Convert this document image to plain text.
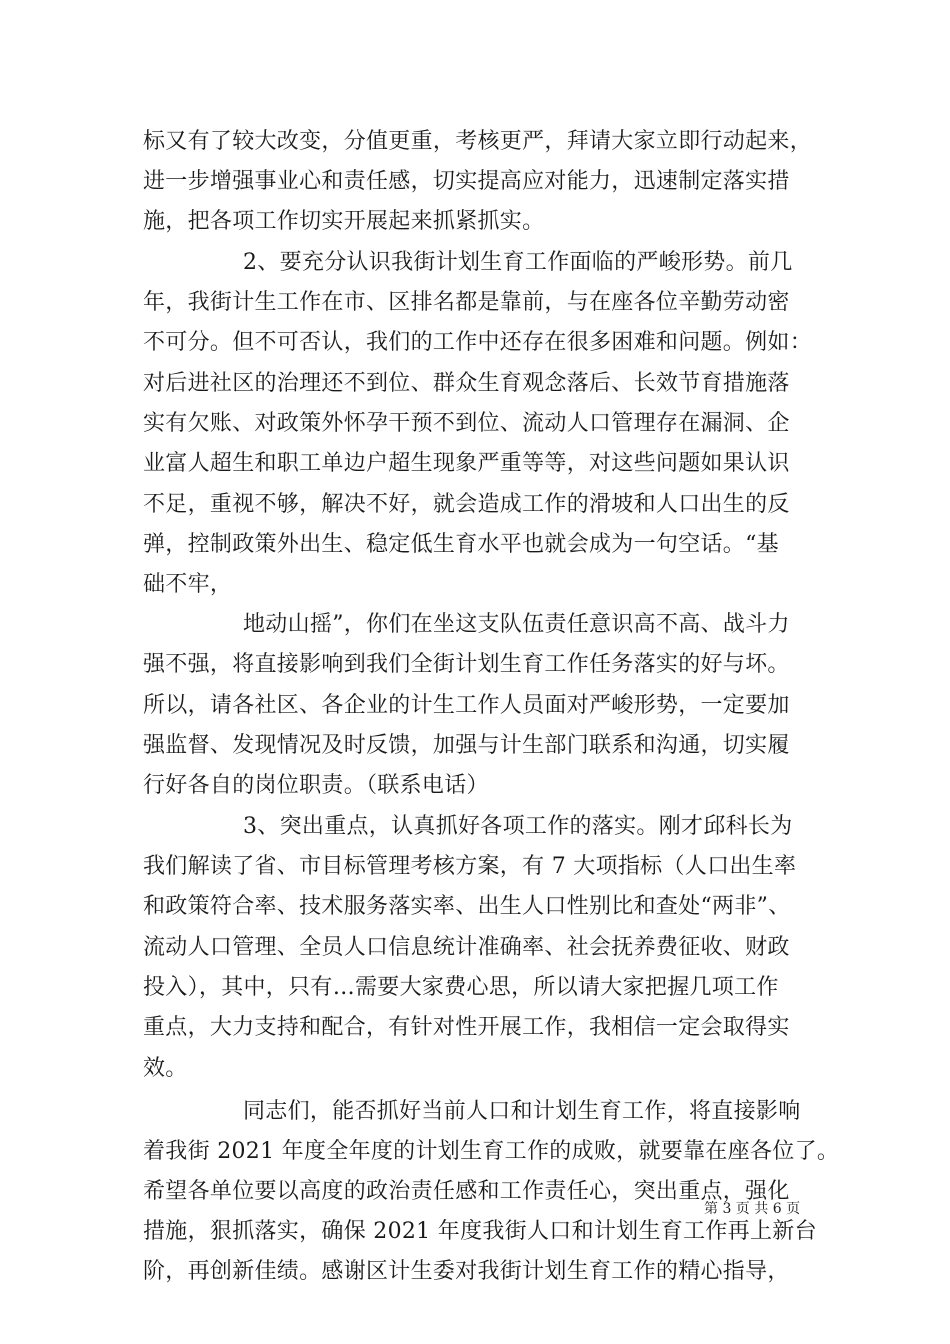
标又有了较大改变，分值更重，考核更严，拜请大家立即行动起来，
进一步增强事业心和责任感，切实提高应对能力，迅速制定落实措
施，把各项工作切实开展起来抓紧抓实。
2、要充分认识我街计划生育工作面临的严峻形势。前几
年，我街计生工作在市、区排名都是靠前，与在座各位辛勤劳动密
不可分。但不可否认，我们的工作中还存在很多困难和问题。例如：
对后进社区的治理还不到位、群众生育观念落后、长效节育措施落
实有欠账、对政策外怀孕干预不到位、流动人口管理存在漏洞、企
业富人超生和职工单边户超生现象严重等等，对这些问题如果认识
不足，重视不够，解决不好，就会造成工作的滑坡和人口出生的反
弹，控制政策外出生、稳定低生育水平也就会成为一句空话。“基
础不牢，
地动山摇”，你们在坐这支队伍责任意识高不高、战斗力
强不强，将直接影响到我们全街计划生育工作任务落实的好与坏。
所以，请各社区、各企业的计生工作人员面对严峻形势，一定要加
强监督、发现情况及时反馈，加强与计生部门联系和沟通，切实履
行好各自的岗位职责。（联系电话）
3、突出重点，认真抓好各项工作的落实。刚才邱科长为
我们解读了省、市目标管理考核方案，有 7 大项指标（人口出生率
和政策符合率、技术服务落实率、出生人口性别比和查处“两非”、
流动人口管理、全员人口信息统计准确率、社会抚养费征收、财政
投入），其中，只有…需要大家费心思，所以请大家把握几项工作
重点，大力支持和配合，有针对性开展工作，我相信一定会取得实
效。
同志们，能否抓好当前人口和计划生育工作，将直接影响
着我街 2021 年度全年度的计划生育工作的成败，就要靠在座各位了。
希望各单位要以高度的政治责任感和工作责任心，突出重点，强化
措施，狠抓落实，确保 2021 年度我街人口和计划生育工作再上新台
阶，再创新佳绩。感谢区计生委对我街计划生育工作的精心指导，
第 3 页 共 6 页
